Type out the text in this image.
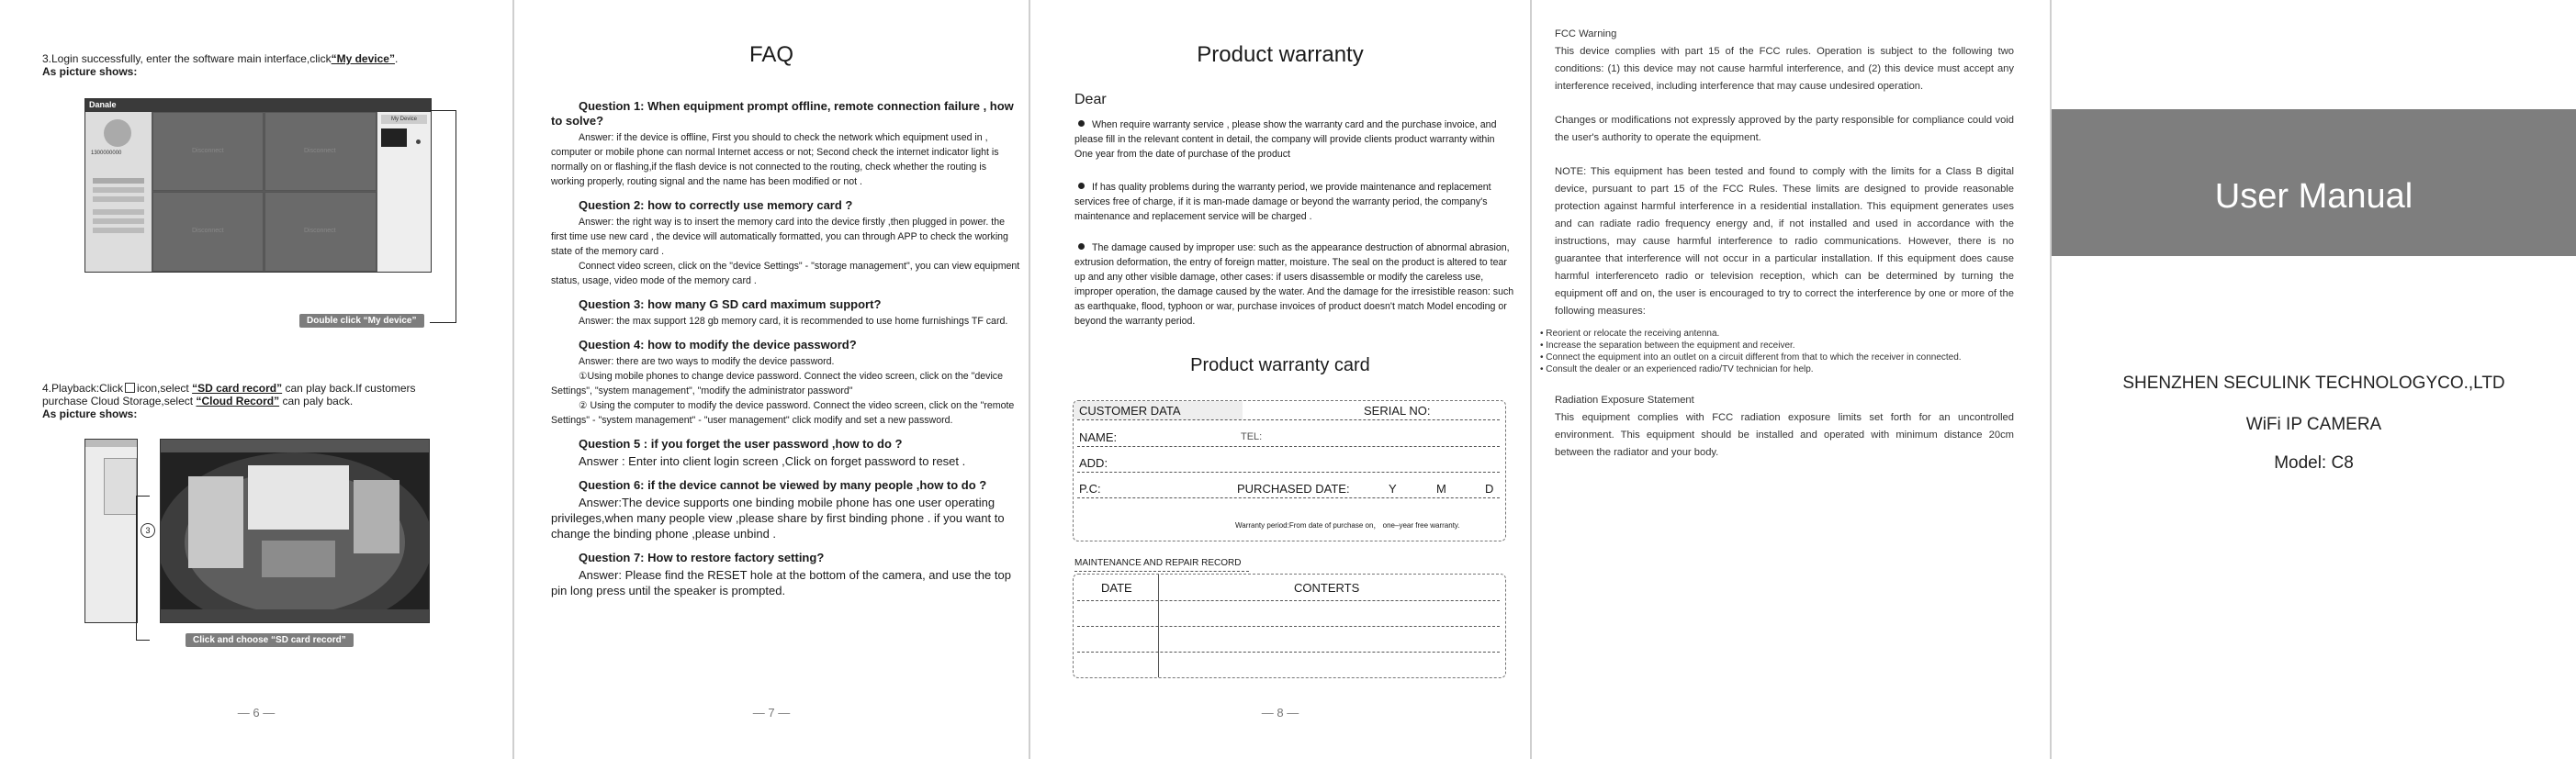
3.Login successfully, enter the software main interface,click“My device”.
As picture shows:
Danale
1300000000	Disconnect	Disconnect
Disconnect	Disconnect
My Device
Double click “My device”
4.Playback:Click icon,select “SD card record” can play back.If customers
purchase Cloud Storage,select “Cloud Record” can paly back.
As picture shows:
3
Click and choose “SD card record”
— 6 —
FAQ
Question 1: When equipment prompt offline, remote connection failure , how to solve?
Answer: if the device is offline, First you should to check the network which equipment used in , computer or mobile phone can normal Internet access or not; Second check the internet indicator light is normally on or flashing,if the flash device is not connected to the routing, check whether the routing is working properly, routing signal and the name has been modified or not .
Question 2: how to correctly use memory card ?
Answer: the right way is to insert the memory card into the device firstly ,then plugged in power. the first time use new card , the device will automatically formatted, you can through APP to check the working state of the memory card .
Connect video screen, click on the "device Settings" - "storage management", you can view equipment status, usage, video mode of the memory card .
Question 3: how many G SD card maximum support?
Answer: the max support 128 gb memory card, it is recommended to use home furnishings TF card.
Question 4: how to modify the device password?
Answer: there are two ways to modify the device password.
①Using mobile phones to change device password. Connect the video screen, click on the "device Settings", "system management", "modify the administrator password"
② Using the computer to modify the device password. Connect the video screen, click on the "remote Settings" - "system management" - "user management" click modify and set a new password.
Question 5 : if you forget the user password ,how to do ?
Answer : Enter into client login screen ,Click on forget password to reset .
Question 6: if the device cannot be viewed by many people ,how to do ?
Answer:The device supports one binding mobile phone has one user operating privileges,when many people view ,please share by first binding phone . if you want to change the binding phone ,please unbind .
Question 7: How to restore factory setting?
Answer: Please find the RESET hole at the bottom of the camera, and use the top pin long press until the speaker is prompted.
— 7 —
Product warranty
Dear
When require warranty service , please show the warranty card and the purchase invoice, and please fill in the relevant content in detail, the company will provide clients product warranty within One year from the date of purchase of the product
If has quality problems during the warranty period, we provide maintenance and replacement services free of charge, if it is man-made damage or beyond the warranty period, the company's maintenance and replacement service will be charged .
The damage caused by improper use: such as the appearance destruction of abnormal abrasion, extrusion deformation, the entry of foreign matter, moisture. The seal on the product is altered to tear up and any other visible damage, other cases: if users disassemble or modify the careless use, improper operation, the damage caused by the water. And the damage for the irresistible reason: such as earthquake, flood, typhoon or war, purchase invoices of product doesn't match Model encoding or beyond the warranty period.
Product warranty card
CUSTOMER DATA	SERIAL NO:
NAME:	TEL:
ADD:
P.C:	PURCHASED DATE:	Y	M	D
Warranty period:From date of purchase on， one–year free warranty.
MAINTENANCE AND REPAIR RECORD
DATE	CONTERTS
— 8 —

FCC Warning

This device complies with part 15 of the FCC rules. Operation is subject to the following two conditions: (1) this device may not cause harmful interference, and (2) this device must accept any interference received, including interference that may cause undesired operation.

Changes or modifications not expressly approved by the party responsible for compliance could void the user's authority to operate the equipment.

NOTE: This equipment has been tested and found to comply with the limits for a Class B digital device, pursuant to part 15 of the FCC Rules. These limits are designed to provide reasonable protection against harmful interference in a residential installation. This equipment generates uses and can radiate radio frequency energy and, if not installed and used in accordance with the instructions, may cause harmful interference to radio communications. However, there is no guarantee that interference will not occur in a particular installation. If this equipment does cause harmful interferenceto radio or television reception, which can be determined by turning the equipment off and on, the user is encouraged to try to correct the interference by one or more of the following measures:

• Reorient or relocate the receiving antenna.
• Increase the separation between the equipment and receiver.
• Connect the equipment into an outlet on a circuit different from that to which the receiver in connected.
• Consult the dealer or an experienced radio/TV technician for help.

Radiation Exposure Statement

This equipment complies with FCC radiation exposure limits set forth for an uncontrolled environment. This equipment should be installed and operated with minimum distance 20cm between the radiator and your body.

User Manual
SHENZHEN SECULINK TECHNOLOGYCO.,LTD
WiFi IP CAMERA
Model: C8
